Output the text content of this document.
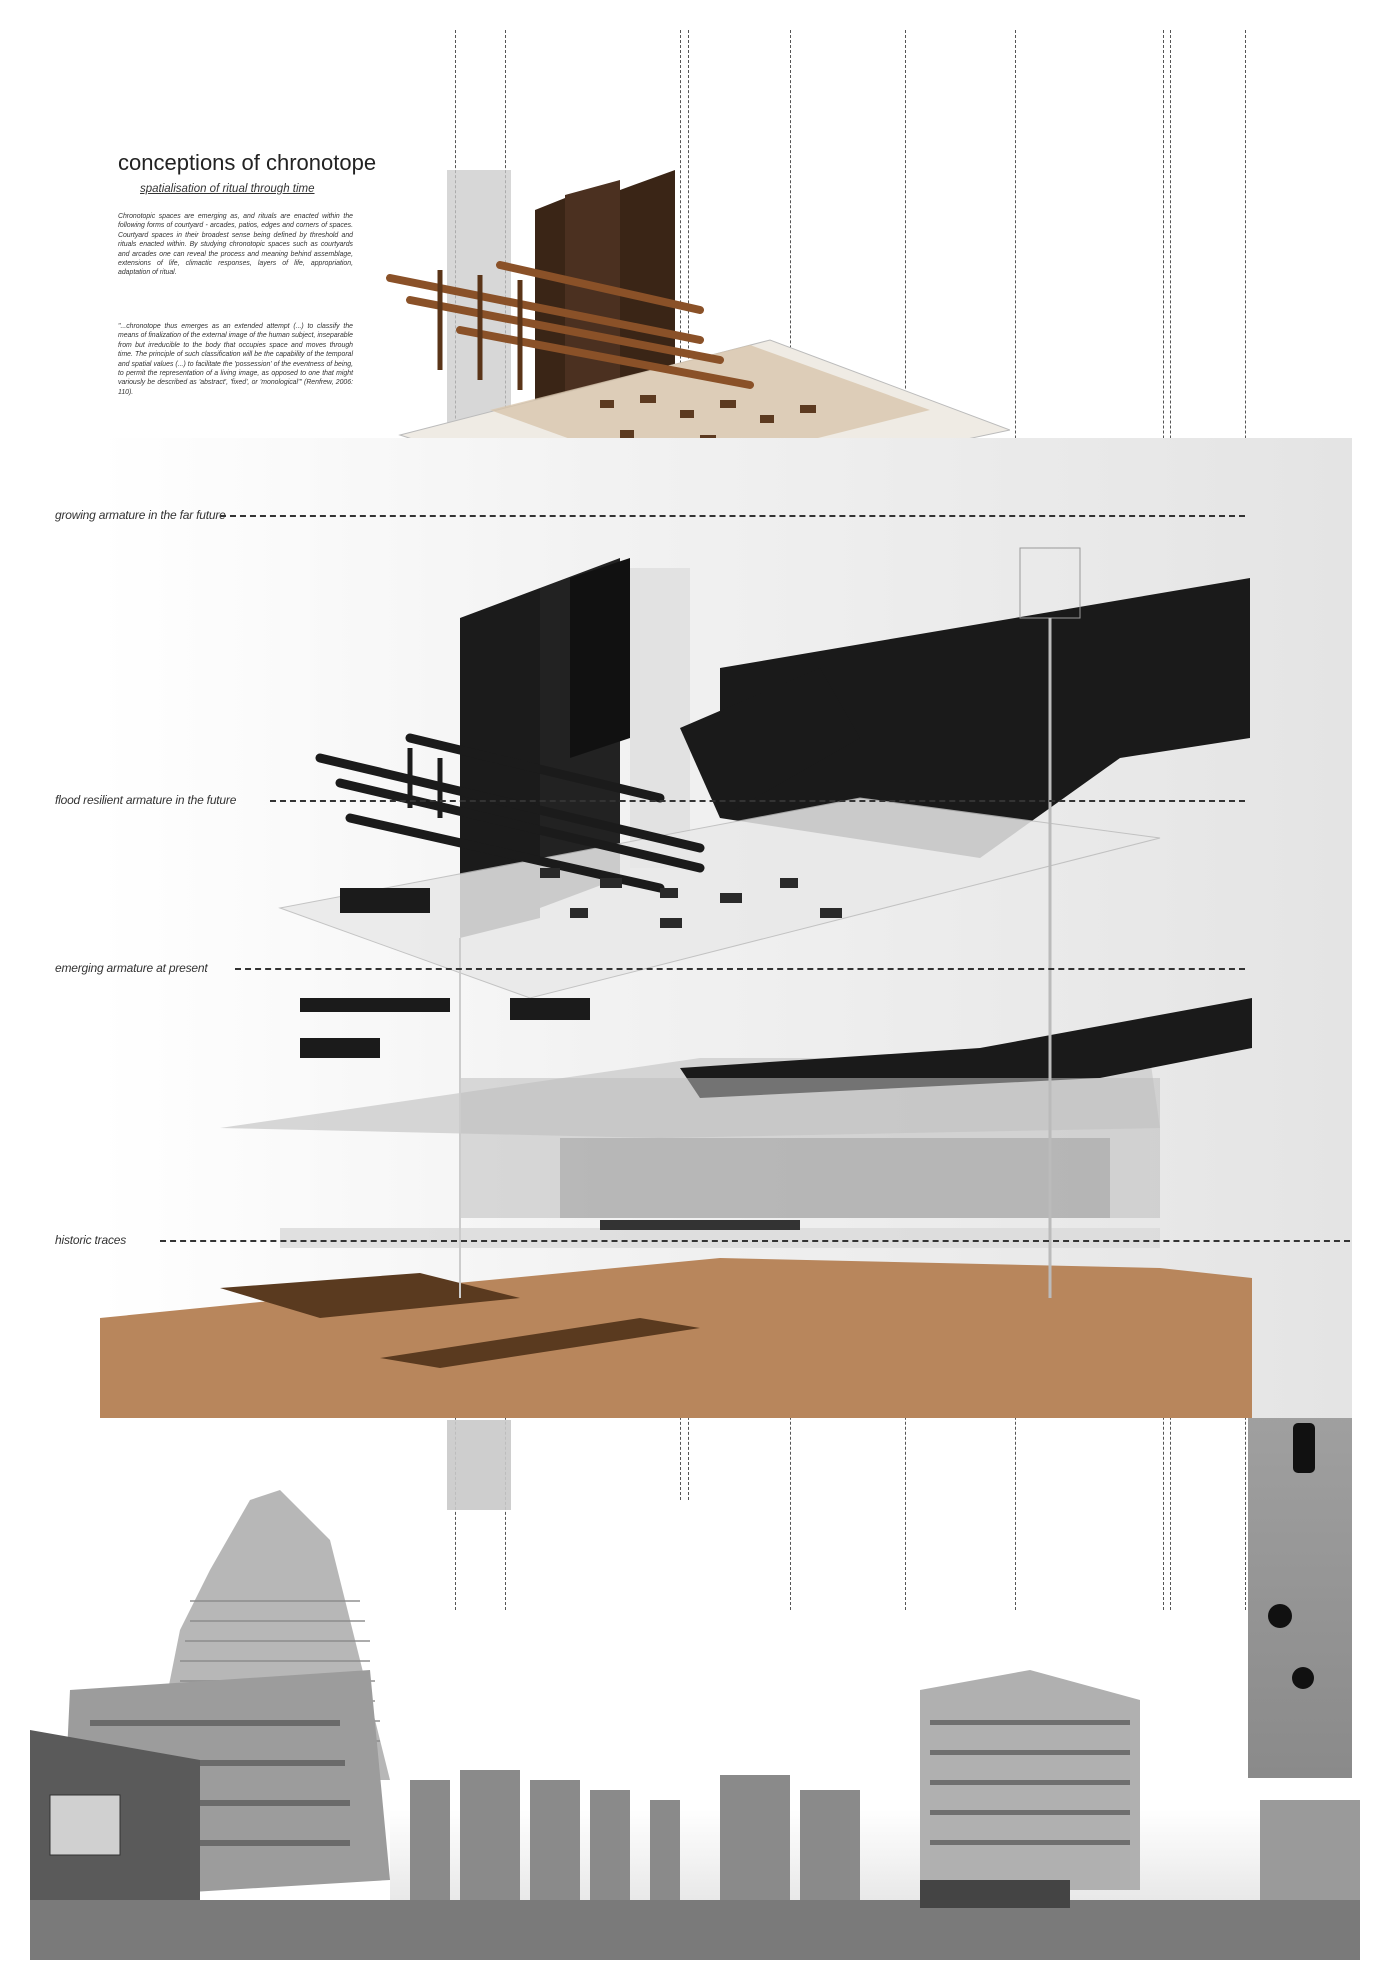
conceptions of chronotope
spatialisation of ritual through time
Chronotopic spaces are emerging as, and rituals are enacted within the following forms of courtyard - arcades, patios, edges and corners of spaces. Courtyard spaces in their broadest sense being defined by threshold and rituals enacted within. By studying chronotopic spaces such as courtyards and arcades one can reveal the process and meaning behind assemblage, extensions of life, climactic responses, layers of life, appropriation, adaptation of ritual.
"...chronotope thus emerges as an extended attempt (...) to classify the means of finalization of the external image of the human subject, inseparable from but irreducible to the body that occupies space and moves through time. The principle of such classification will be the capability of the temporal and spatial values (...) to facilitate the 'possession' of the eventness of being, to permit the representation of a living image, as opposed to one that might variously be described as 'abstract', 'fixed', or 'monological'" (Renfrew, 2006: 110).
growing armature in the far future
flood resilient armature in the future
emerging armature at present
historic traces
